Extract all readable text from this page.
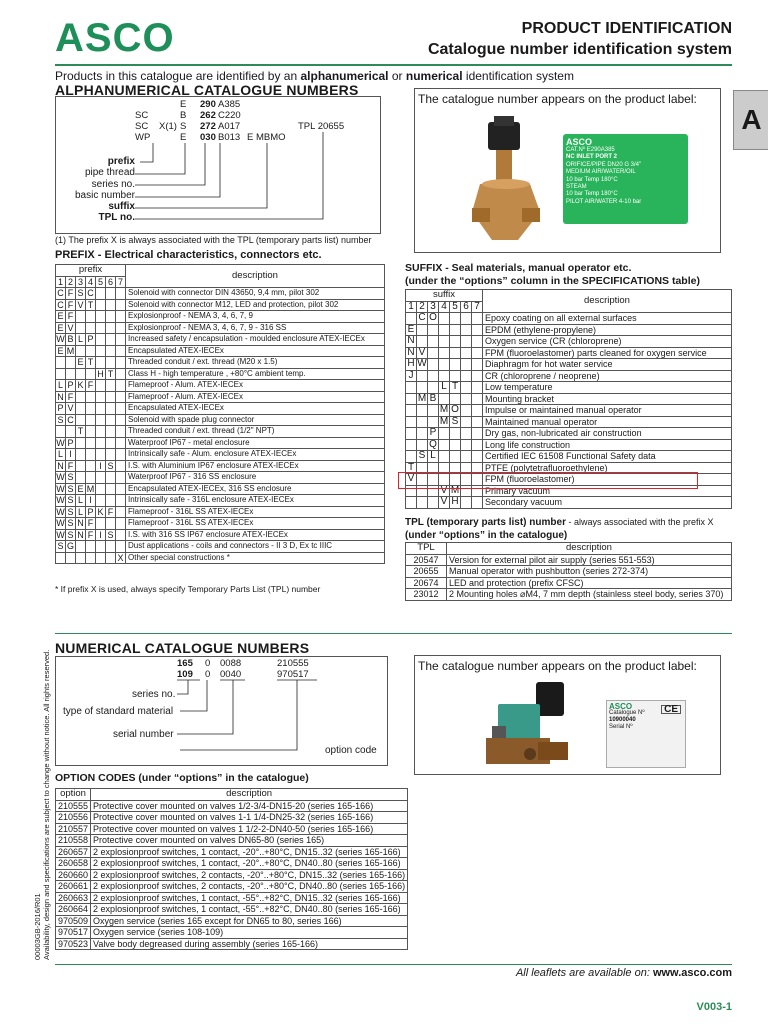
ASCO	PRODUCT IDENTIFICATION
Catalogue number identification system
A
Products in this catalogue are identified by an alphanumerical or numerical identification system
ALPHANUMERICAL CATALOGUE NUMBERS
E 290 A385
SC	B 262 C220
SC X(1) S 272 A017	TPL 20655
WP	E 030 B013 E MBMO
prefix
pipe thread
series no.
basic number
suffix
TPL no.
(1) The prefix X is always associated with the TPL (temporary parts list) number
The catalogue number appears on the product label:
ASCO
CAT.Nº E290A385
NC INLET PORT 2
ORIFICE/PIPE DN20 G 3/4"
MEDIUM AIR/WATER/OIL
10 bar Temp 180°C
STEAM
10 bar Temp 180°C
PILOT AIR/WATER 4-10 bar
PREFIX - Electrical characteristics, connectors etc.
prefix							description
1	2	3	4	5	6	7	
C	F	S	C				Solenoid with connector DIN 43650, 9,4 mm, pilot 302
C	F	V	T				Solenoid with connector M12, LED and protection, pilot 302
E	F						Explosionproof - NEMA 3, 4, 6, 7, 9
E	V						Explosionproof - NEMA 3, 4, 6, 7, 9 - 316 SS
W	B	L	P				Increased safety / encapsulation - moulded enclosure ATEX-IECEx
E	M						Encapsulated ATEX-IECEx
		E	T				Threaded conduit / ext. thread (M20 x 1.5)
				H	T		Class H - high temperature , +80°C ambient temp.
L	P	K	F				Flameproof - Alum. ATEX-IECEx
N	F						Flameproof - Alum. ATEX-IECEx
P	V						Encapsulated ATEX-IECEx
S	C						Solenoid with spade plug connector
		T					Threaded conduit / ext. thread (1/2" NPT)
W	P						Waterproof IP67 - metal enclosure
L	I						Intrinsically safe - Alum. enclosure ATEX-IECEx
N	F			I	S		I.S. with Aluminium IP67 enclosure ATEX-IECEx
W	S						Waterproof IP67 - 316 SS enclosure
W	S	E	M				Encapsulated ATEX-IECEx, 316 SS enclosure
W	S	L	I				Intrinsically safe - 316L enclosure ATEX-IECEx
W	S	L	P	K	F		Flameproof - 316L SS ATEX-IECEx
W	S	N	F				Flameproof - 316L SS ATEX-IECEx
W	S	N	F	I	S		I.S. with 316 SS IP67 enclosure ATEX-IECEx
S	G						Dust applications - coils and connectors - II 3 D, Ex tc IIIC
						X	Other special constructions *
* If prefix X is used, always specify Temporary Parts List (TPL) number
SUFFIX - Seal materials, manual operator etc.
(under the “options” column in the SPECIFICATIONS table)
suffix							description
1	2	3	4	5	6	7	
	C	O					Epoxy coating on all external surfaces
E							EPDM (ethylene-propylene)
N							Oxygen service (CR (chloroprene)
N	V						FPM (fluoroelastomer) parts cleaned for oxygen service
H	W						Diaphragm for hot water service
J							CR (chloroprene / neoprene)
			L	T			Low temperature
	M	B					Mounting bracket
			M	O			Impulse or maintained manual operator
			M	S			Maintained manual operator
		P					Dry gas, non-lubricated air construction
		Q					Long life construction
	S	L					Certified IEC 61508 Functional Safety data
T							PTFE (polytetrafluoroethylene)
V							FPM (fluoroelastomer)
			V	M			Primary vacuum
			V	H			Secondary vacuum
TPL (temporary parts list) number - always associated with the prefix X
(under “options” in the catalogue)
TPL	description
20547	Version for external pilot air supply (series 551-553)
20655	Manual operator with pushbutton (series 272-374)
20674	LED and protection (prefix CFSC)
23012	2 Mounting holes ⌀M4, 7 mm depth (stainless steel body, series 370)
NUMERICAL CATALOGUE NUMBERS
165 0 0088	210555
109 0 0040	970517
series no.
type of standard material
serial number
option code
The catalogue number appears on the product label:
ASCO
Catalogue Nº
10900040
Serial Nº
CE
OPTION CODES (under “options” in the catalogue)
option	description
210555	Protective cover mounted on valves 1/2-3/4-DN15-20 (series 165-166)
210556	Protective cover mounted on valves 1-1 1/4-DN25-32 (series 165-166)
210557	Protective cover mounted on valves 1 1/2-2-DN40-50 (series 165-166)
210558	Protective cover mounted on valves DN65-80 (series 165)
260657	2 explosionproof switches, 1 contact, -20°..+80°C, DN15..32 (series 165-166)
260658	2 explosionproof switches, 1 contact, -20°..+80°C, DN40..80 (series 165-166)
260660	2 explosionproof switches, 2 contacts, -20°..+80°C, DN15..32 (series 165-166)
260661	2 explosionproof switches, 2 contacts, -20°..+80°C, DN40..80 (series 165-166)
260663	2 explosionproof switches, 1 contact, -55°..+82°C, DN15..32 (series 165-166)
260664	2 explosionproof switches, 1 contact, -55°..+82°C, DN40..80 (series 165-166)
970509	Oxygen service (series 165 except for DN65 to 80, series 166)
970517	Oxygen service (series 108-109)
970523	Valve body degreased during assembly (series 165-166)
00003GB-2016/R01 Availability, design and specifications are subject to change without notice. All rights reserved.
All leaflets are available on: www.asco.com
V003-1
